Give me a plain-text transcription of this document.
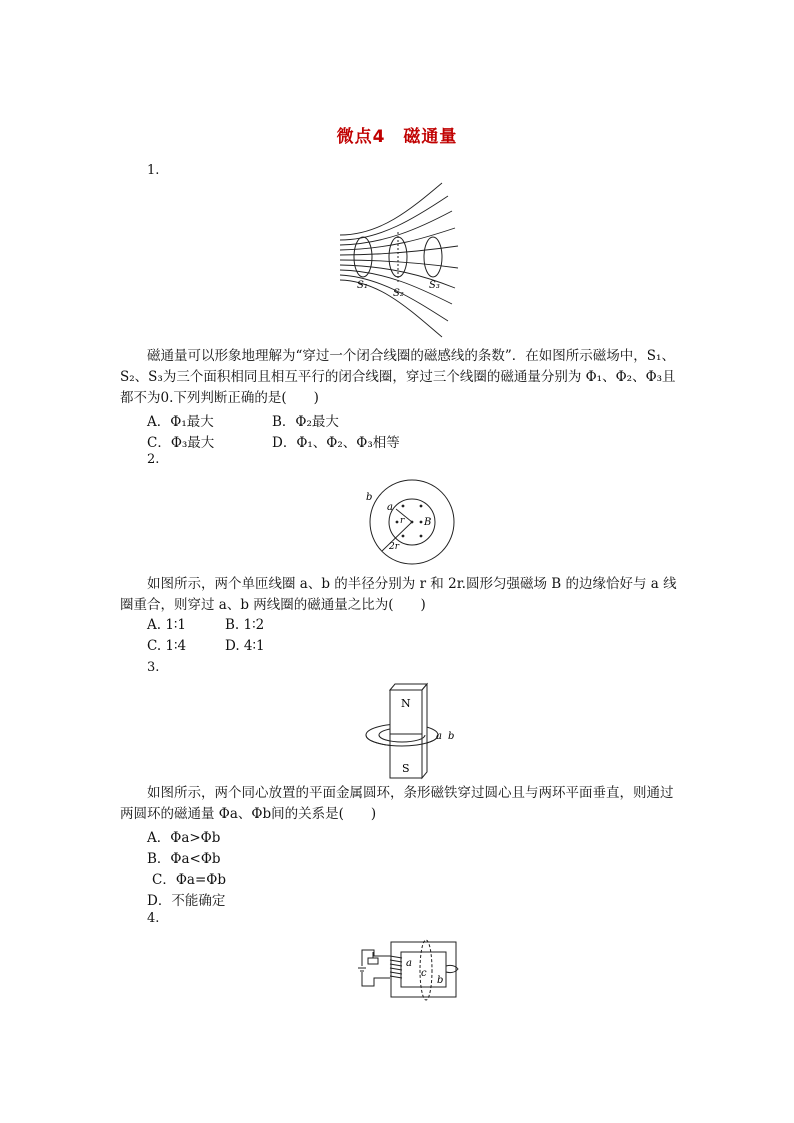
微点4　磁通量
1.
S₁
S₂
S₃
磁通量可以形象地理解为“穿过一个闭合线圈的磁感线的条数”．在如图所示磁场中，S₁、S₂、S₃为三个面积相同且相互平行的闭合线圈，穿过三个线圈的磁通量分别为 Φ₁、Φ₂、Φ₃且都不为0.下列判断正确的是(　　)
A．Φ₁最大	B．Φ₂最大
C．Φ₃最大	D．Φ₁、Φ₂、Φ₃相等
2.
b
a
r B
2r
如图所示，两个单匝线圈 a、b 的半径分别为 r 和 2r.圆形匀强磁场 B 的边缘恰好与 a 线圈重合，则穿过 a、b 两线圈的磁通量之比为(　　)
A. 1∶1	B. 1∶2
C. 1∶4	D. 4∶1
3.
N
S
a b
如图所示，两个同心放置的平面金属圆环，条形磁铁穿过圆心且与两环平面垂直，则通过两圆环的磁通量 Φa、Φb间的关系是(　　)
A．Φa>Φb
B．Φa<Φb
C．Φa=Φb
D．不能确定
4.
a
c
b
